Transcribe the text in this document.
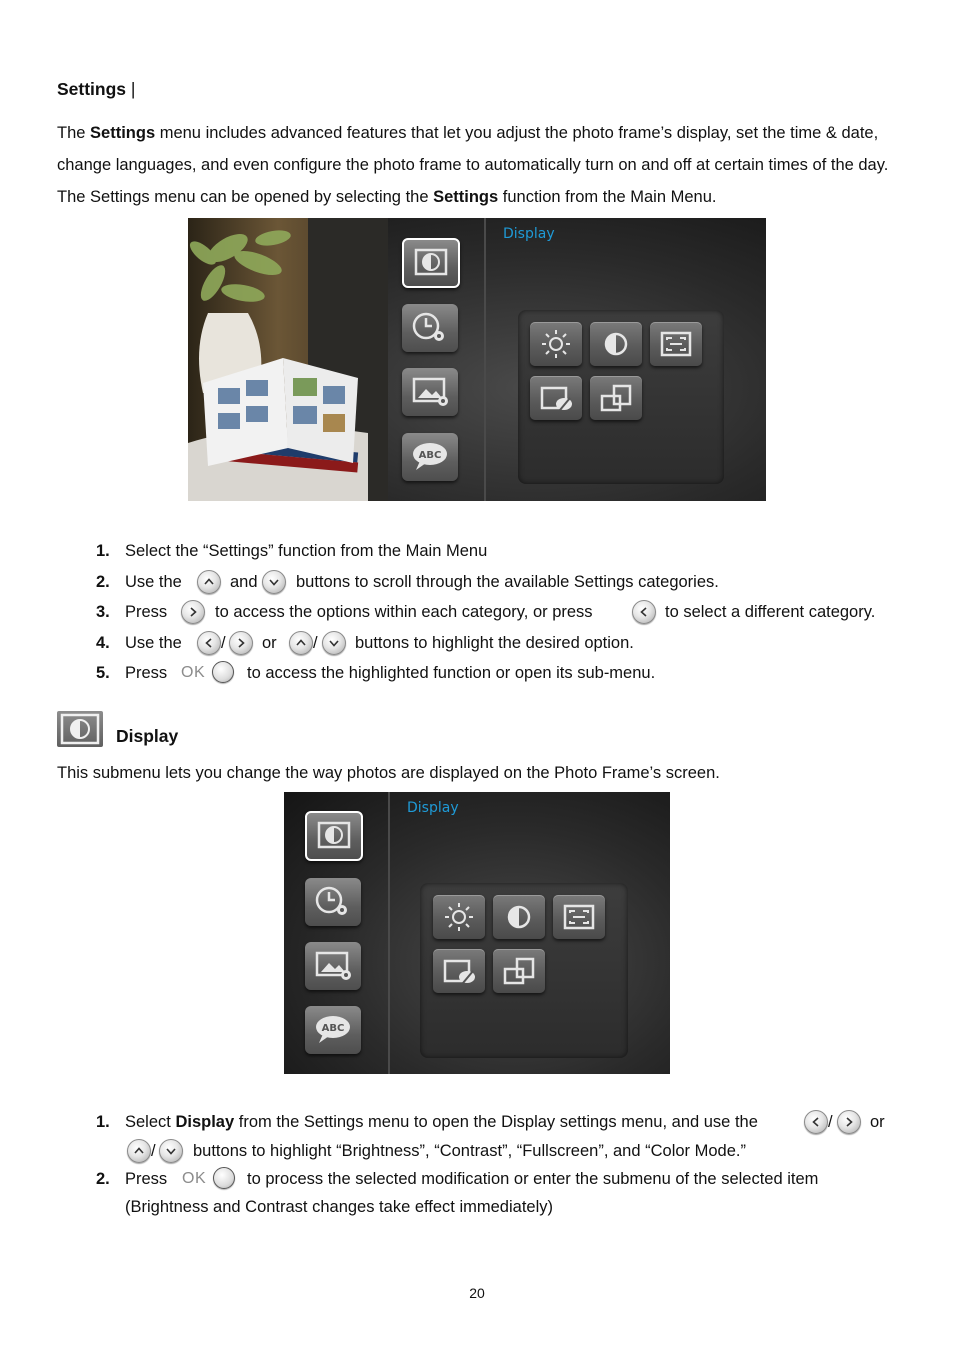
Settings |
The Settings menu includes advanced features that let you adjust the photo frame’s display, set the time & date, change languages, and even configure the photo frame to automatically turn on and off at certain times of the day. The Settings menu can be opened by selecting the Settings function from the Main Menu.
ABC
Display
1. Select the “Settings” function from the Main Menu
2. Use the	and buttons to scroll through the available Settings categories.
3. Press	to access the options within each category, or press	to select a different category.
4. Use the / or / buttons to highlight the desired option.
5. Press OK	to access the highlighted function or open its sub-menu.
Display
This submenu lets you change the way photos are displayed on the Photo Frame’s screen.
ABC
Display
1. Select Display from the Settings menu to open the Display settings menu, and use the	/ or
/ buttons to highlight “Brightness”, “Contrast”, “Fullscreen”, and “Color Mode.”
2. Press OK to process the selected modification or enter the submenu of the selected item
(Brightness and Contrast changes take effect immediately)
20
